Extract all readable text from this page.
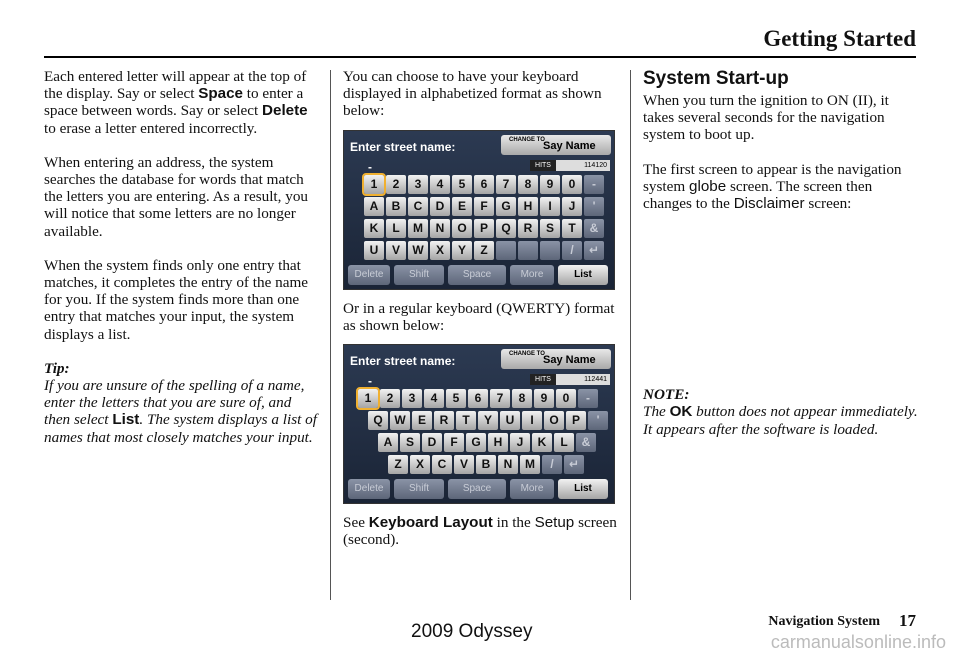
Getting Started

Each entered letter will appear at the top of the display. Say or select Space to enter a space between words. Say or select Delete to erase a letter entered incorrectly.

When entering an address, the system searches the database for words that match the letters you are entering. As a result, you will notice that some letters are no longer available.

When the system finds only one entry that matches, it completes the entry of the name for you. If the system finds more than one entry that matches your input, the system displays a list.

Tip:

If you are unsure of the spelling of a name, enter the letters that you are sure of, and then select List. The system displays a list of names that most closely matches your input.

You can choose to have your keyboard displayed in alphabetized format as shown below:

Enter street name:	CHANGE TO
Say Name
-	HITS	114120
1	2	3	4	5	6	7	8	9	0	-
A	B	C	D	E	F	G	H	I	J	'
K	L	M	N	O	P	Q	R	S	T	&
U	V	W	X	Y	Z	/	↵
Delete	Shift	Space	More	List

Or in a regular keyboard (QWERTY) format as shown below:

Enter street name:	CHANGE TO
Say Name
-	HITS	112441
1	2	3	4	5	6	7	8	9	0	-
Q W	E	R	T	Y	U	I	O	P	'
A	S	D	F	G	H	J	K	L	&
Z	X	C	V	B	N	M	/	↵
Delete	Shift	Space	More	List

See Keyboard Layout in the Setup screen (second).

System Start-up

When you turn the ignition to ON (II), it takes several seconds for the navigation system to boot up.

The first screen to appear is the navigation system globe screen. The screen then changes to the Disclaimer screen:

NOTE:

The OK button does not appear immediately. It appears after the software is loaded.

Navigation System 17
2009 Odyssey	carmanualsonline.info
